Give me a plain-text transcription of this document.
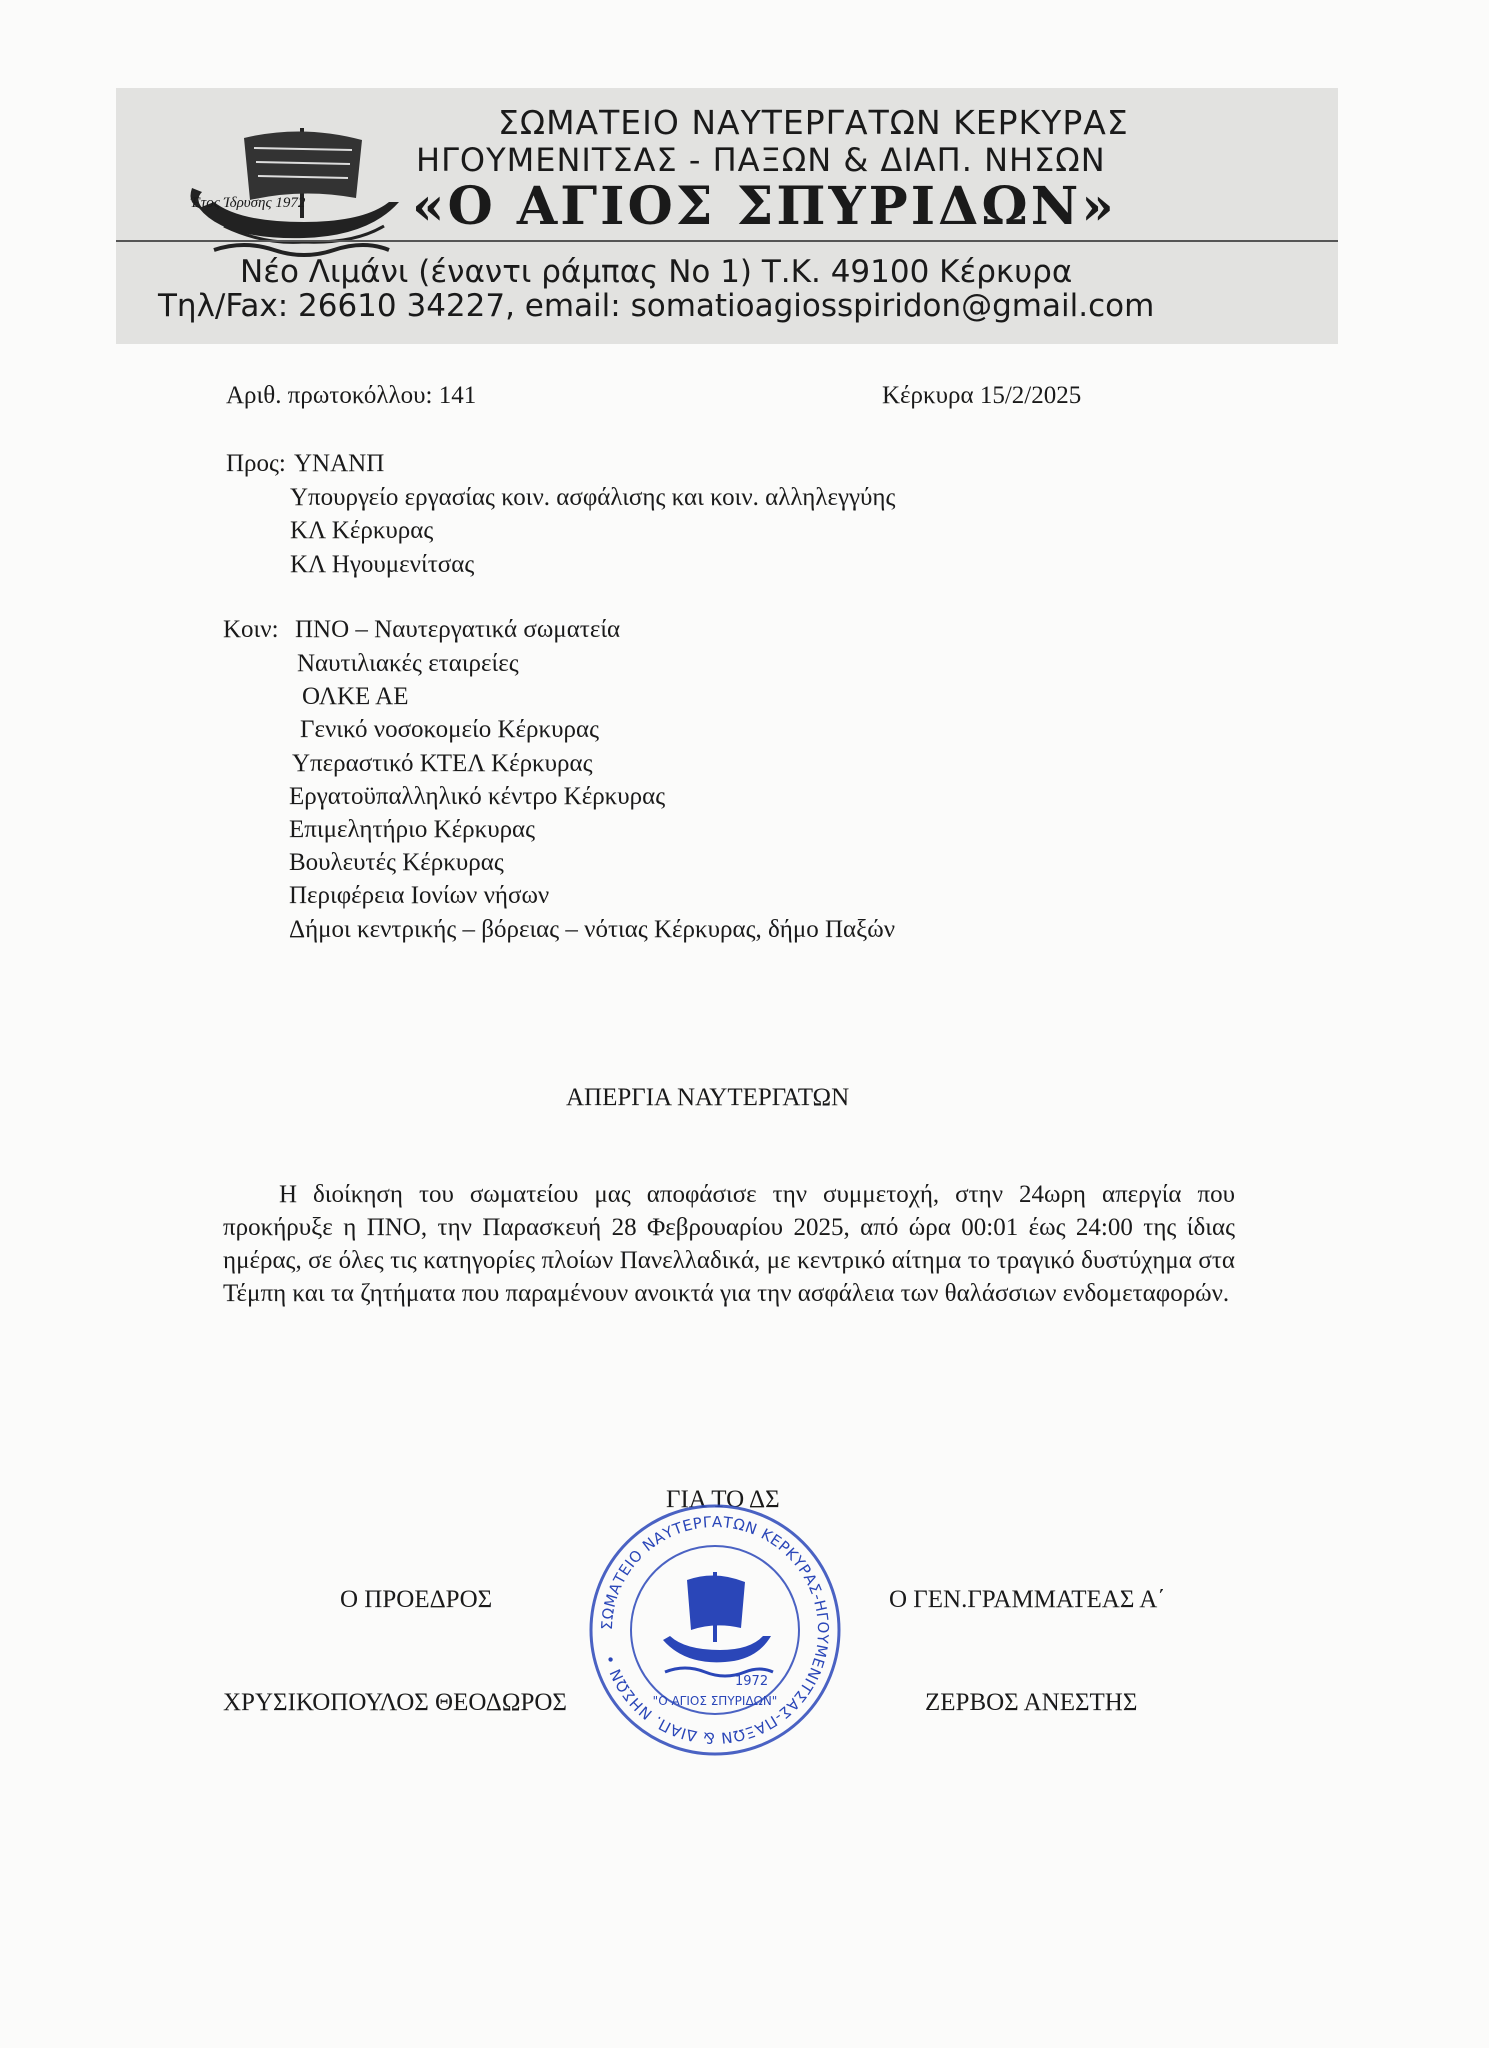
Έτος Ίδρυσης 1972
ΣΩΜΑΤΕΙΟ ΝΑΥΤΕΡΓΑΤΩΝ ΚΕΡΚΥΡΑΣ
ΗΓΟΥΜΕΝΙΤΣΑΣ - ΠΑΞΩΝ & ΔΙΑΠ. ΝΗΣΩΝ
«Ο ΑΓΙΟΣ ΣΠΥΡΙΔΩΝ»
Νέο Λιμάνι (έναντι ράμπας Νο 1) Τ.Κ. 49100 Κέρκυρα
Τηλ/Fax: 26610 34227, email: somatioagiosspiridon@gmail.com
Αριθ. πρωτοκόλλου: 141	Κέρκυρα 15/2/2025
Προς: ΥΝΑΝΠ
Υπουργείο εργασίας κοιν. ασφάλισης και κοιν. αλληλεγγύης
ΚΛ Κέρκυρας
ΚΛ Ηγουμενίτσας
Κοιν: ΠΝΟ – Ναυτεργατικά σωματεία
Ναυτιλιακές εταιρείες
ΟΛΚΕ ΑΕ
Γενικό νοσοκομείο Κέρκυρας
Υπεραστικό ΚΤΕΛ Κέρκυρας
Εργατοϋπαλληλικό κέντρο Κέρκυρας
Επιμελητήριο Κέρκυρας
Βουλευτές Κέρκυρας
Περιφέρεια Ιονίων νήσων
Δήμοι κεντρικής – βόρειας – νότιας Κέρκυρας, δήμο Παξών
ΑΠΕΡΓΙΑ ΝΑΥΤΕΡΓΑΤΩΝ
Η διοίκηση του σωματείου μας αποφάσισε την συμμετοχή, στην 24ωρη απεργία που προκήρυξε η ΠΝΟ, την Παρασκευή 28 Φεβρουαρίου 2025, από ώρα 00:01 έως 24:00 της ίδιας ημέρας, σε όλες τις κατηγορίες πλοίων Πανελλαδικά, με κεντρικό αίτημα το τραγικό δυστύχημα στα Τέμπη και τα ζητήματα που παραμένουν ανοικτά για την ασφάλεια των θαλάσσιων ενδομεταφορών.
ΓΙΑ ΤΟ ΔΣ
Ο ΠΡΟΕΔΡΟΣ	Ο ΓΕΝ.ΓΡΑΜΜΑΤΕΑΣ Α΄
ΧΡΥΣΙΚΟΠΟΥΛΟΣ ΘΕΟΔΩΡΟΣ	ΖΕΡΒΟΣ ΑΝΕΣΤΗΣ
ΣΩΜΑΤΕΙΟ ΝΑΥΤΕΡΓΑΤΩΝ ΚΕΡΚΥΡΑΣ-ΗΓΟΥΜΕΝΙΤΣΑΣ-ΠΑΞΩΝ & ΔΙΑΠ. ΝΗΣΩΝ •
1972
"Ο ΑΓΙΟΣ ΣΠΥΡΙΔΩΝ"
